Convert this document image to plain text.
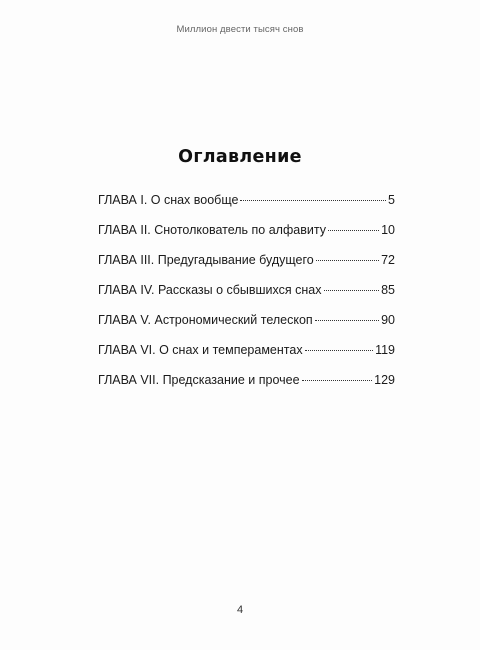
Миллион двести тысяч снов
Оглавление
ГЛАВА I. О снах вообще	5
ГЛАВА II. Снотолкователь по алфавиту	10
ГЛАВА III. Предугадывание будущего	72
ГЛАВА IV. Рассказы о сбывшихся снах	85
ГЛАВА V. Астрономический телескоп	90
ГЛАВА VI. О снах и темпераментах	119
ГЛАВА VII. Предсказание и прочее	129
4
